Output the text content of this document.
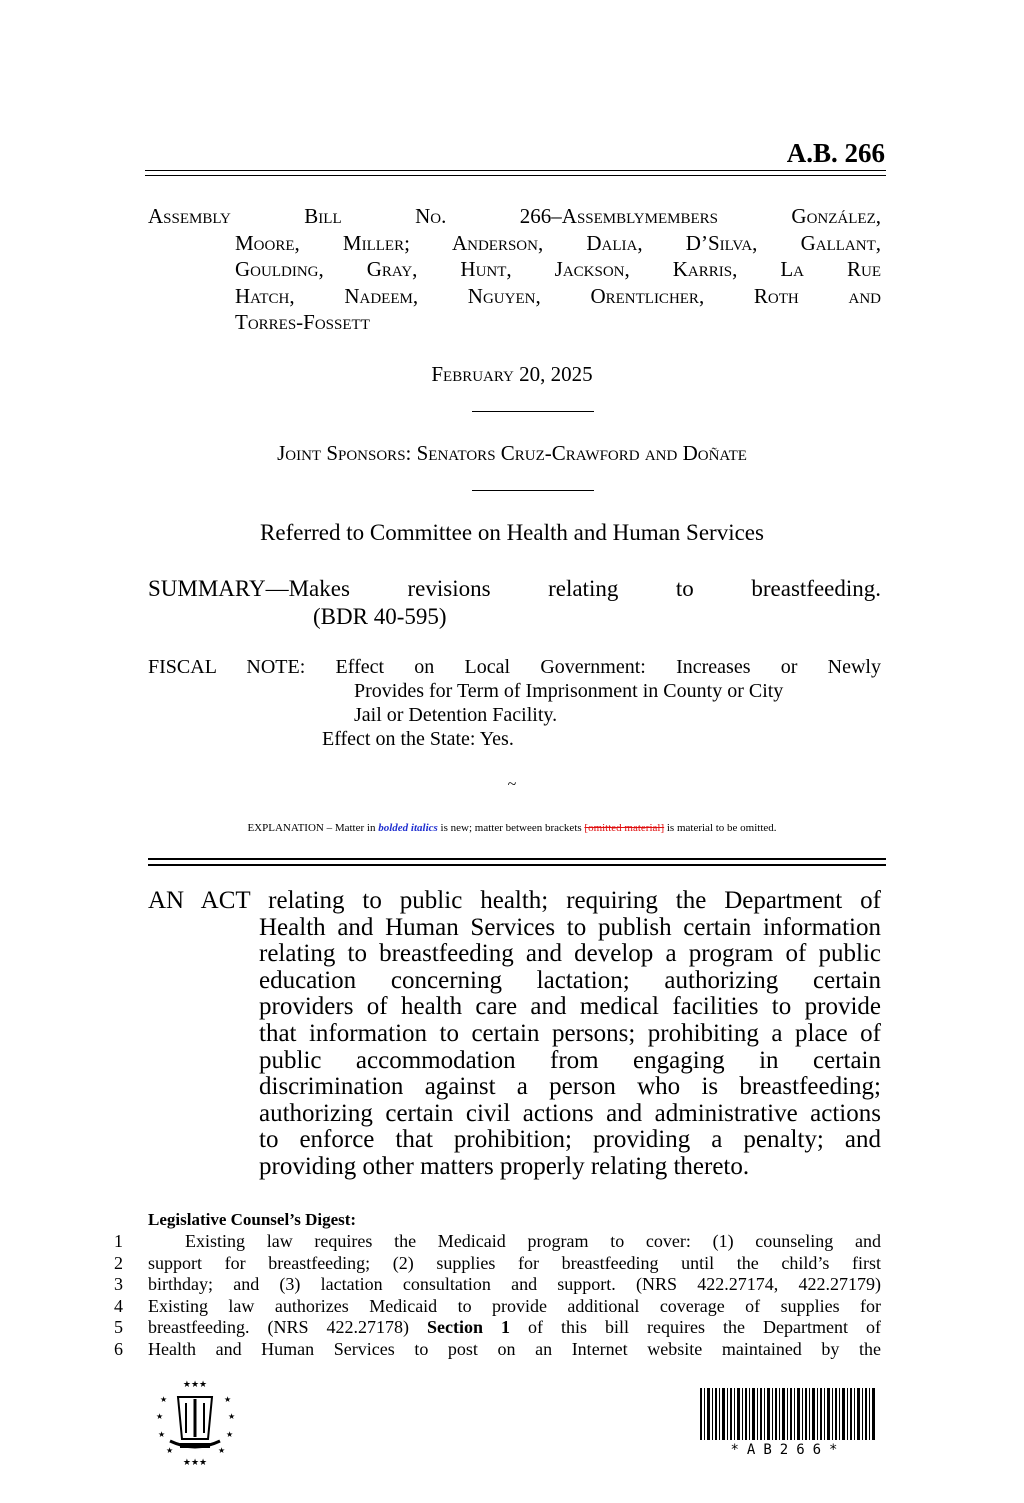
A.B. 266
Assembly Bill No.	266–Assemblymembers González,
Moore, Miller; Anderson, Dalia, D’Silva, Gallant,
Goulding, Gray, Hunt, Jackson, Karris, La Rue
Hatch, Nadeem, Nguyen, Orentlicher, Roth and
Torres-Fossett
February 20, 2025
Joint Sponsors: Senators Cruz-Crawford and Doñate
Referred to Committee on Health and Human Services
SUMMARY—Makes revisions relating to breastfeeding.
(BDR 40-595)
FISCAL NOTE: Effect on Local Government: Increases or Newly
Provides for Term of Imprisonment in County or City
Jail or Detention Facility.
Effect on the State: Yes.
~
EXPLANATION – Matter in bolded italics is new; matter between brackets [omitted material] is material to be omitted.
AN ACT relating to public health; requiring the Department of
Health and Human Services to publish certain information
relating to breastfeeding and develop a program of public
education concerning lactation; authorizing certain
providers of health care and medical facilities to provide
that information to certain persons; prohibiting a place of
public accommodation from engaging in certain
discrimination against a person who is breastfeeding;
authorizing certain civil actions and administrative actions
to enforce that prohibition; providing a penalty; and
providing other matters properly relating thereto.
Legislative Counsel’s Digest:
1
2
3
4
5
6
Existing law requires the Medicaid program to cover: (1) counseling and
support for breastfeeding; (2) supplies for breastfeeding until the child’s first
birthday; and (3) lactation consultation and support. (NRS 422.27174, 422.27179)
Existing law authorizes Medicaid to provide additional coverage of supplies for
breastfeeding. (NRS 422.27178) Section 1 of this bill requires the Department of
Health and Human Services to post on an Internet website maintained by the
★★★
★
★
★
★
★
★
★
★
★★★
*AB266*
